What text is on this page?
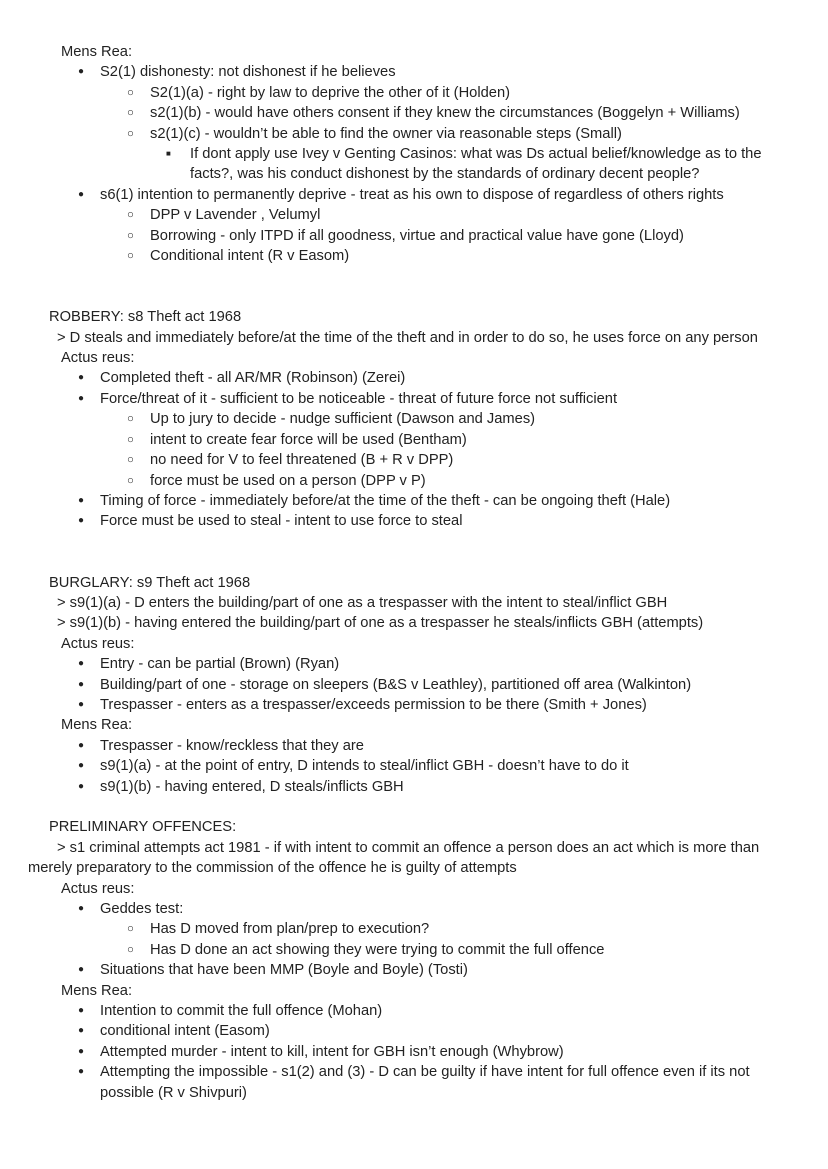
Mens Rea:
● S2(1) dishonesty: not dishonest if he believes
○ S2(1)(a) - right by law to deprive the other of it (Holden)
○ s2(1)(b) - would have others consent if they knew the circumstances (Boggelyn + Williams)
○ s2(1)(c) - wouldn’t be able to find the owner via reasonable steps (Small)
■ If dont apply use Ivey v Genting Casinos: what was Ds actual belief/knowledge as to the facts?, was his conduct dishonest by the standards of ordinary decent people?
● s6(1) intention to permanently deprive - treat as his own to dispose of regardless of others rights
○ DPP v Lavender , Velumyl
○ Borrowing - only ITPD if all goodness, virtue and practical value have gone (Lloyd)
○ Conditional intent (R v Easom)
ROBBERY: s8 Theft act 1968
> D steals and immediately before/at the time of the theft and in order to do so, he uses force on any person
Actus reus:
● Completed theft - all AR/MR (Robinson) (Zerei)
● Force/threat of it - sufficient to be noticeable - threat of future force not sufficient
○ Up to jury to decide - nudge sufficient (Dawson and James)
○ intent to create fear force will be used (Bentham)
○ no need for V to feel threatened (B + R v DPP)
○ force must be used on a person (DPP v P)
● Timing of force - immediately before/at the time of the theft - can be ongoing theft (Hale)
● Force must be used to steal - intent to use force to steal
BURGLARY: s9 Theft act 1968
> s9(1)(a) - D enters the building/part of one as a trespasser with the intent to steal/inflict GBH
> s9(1)(b) - having entered the building/part of one as a trespasser he steals/inflicts GBH (attempts)
Actus reus:
● Entry - can be partial (Brown) (Ryan)
● Building/part of one - storage on sleepers (B&S v Leathley), partitioned off area (Walkinton)
● Trespasser - enters as a trespasser/exceeds permission to be there (Smith + Jones)
Mens Rea:
● Trespasser - know/reckless that they are
● s9(1)(a) - at the point of entry, D intends to steal/inflict GBH - doesn’t have to do it
● s9(1)(b) - having entered, D steals/inflicts GBH
PRELIMINARY OFFENCES:
> s1 criminal attempts act 1981 - if with intent to commit an offence a person does an act which is more than merely preparatory to the commission of the offence he is guilty of attempts
Actus reus:
● Geddes test:
○ Has D moved from plan/prep to execution?
○ Has D done an act showing they were trying to commit the full offence
● Situations that have been MMP (Boyle and Boyle) (Tosti)
Mens Rea:
● Intention to commit the full offence (Mohan)
● conditional intent (Easom)
● Attempted murder - intent to kill, intent for GBH isn’t enough (Whybrow)
● Attempting the impossible - s1(2) and (3) - D can be guilty if have intent for full offence even if its not possible (R v Shivpuri)
